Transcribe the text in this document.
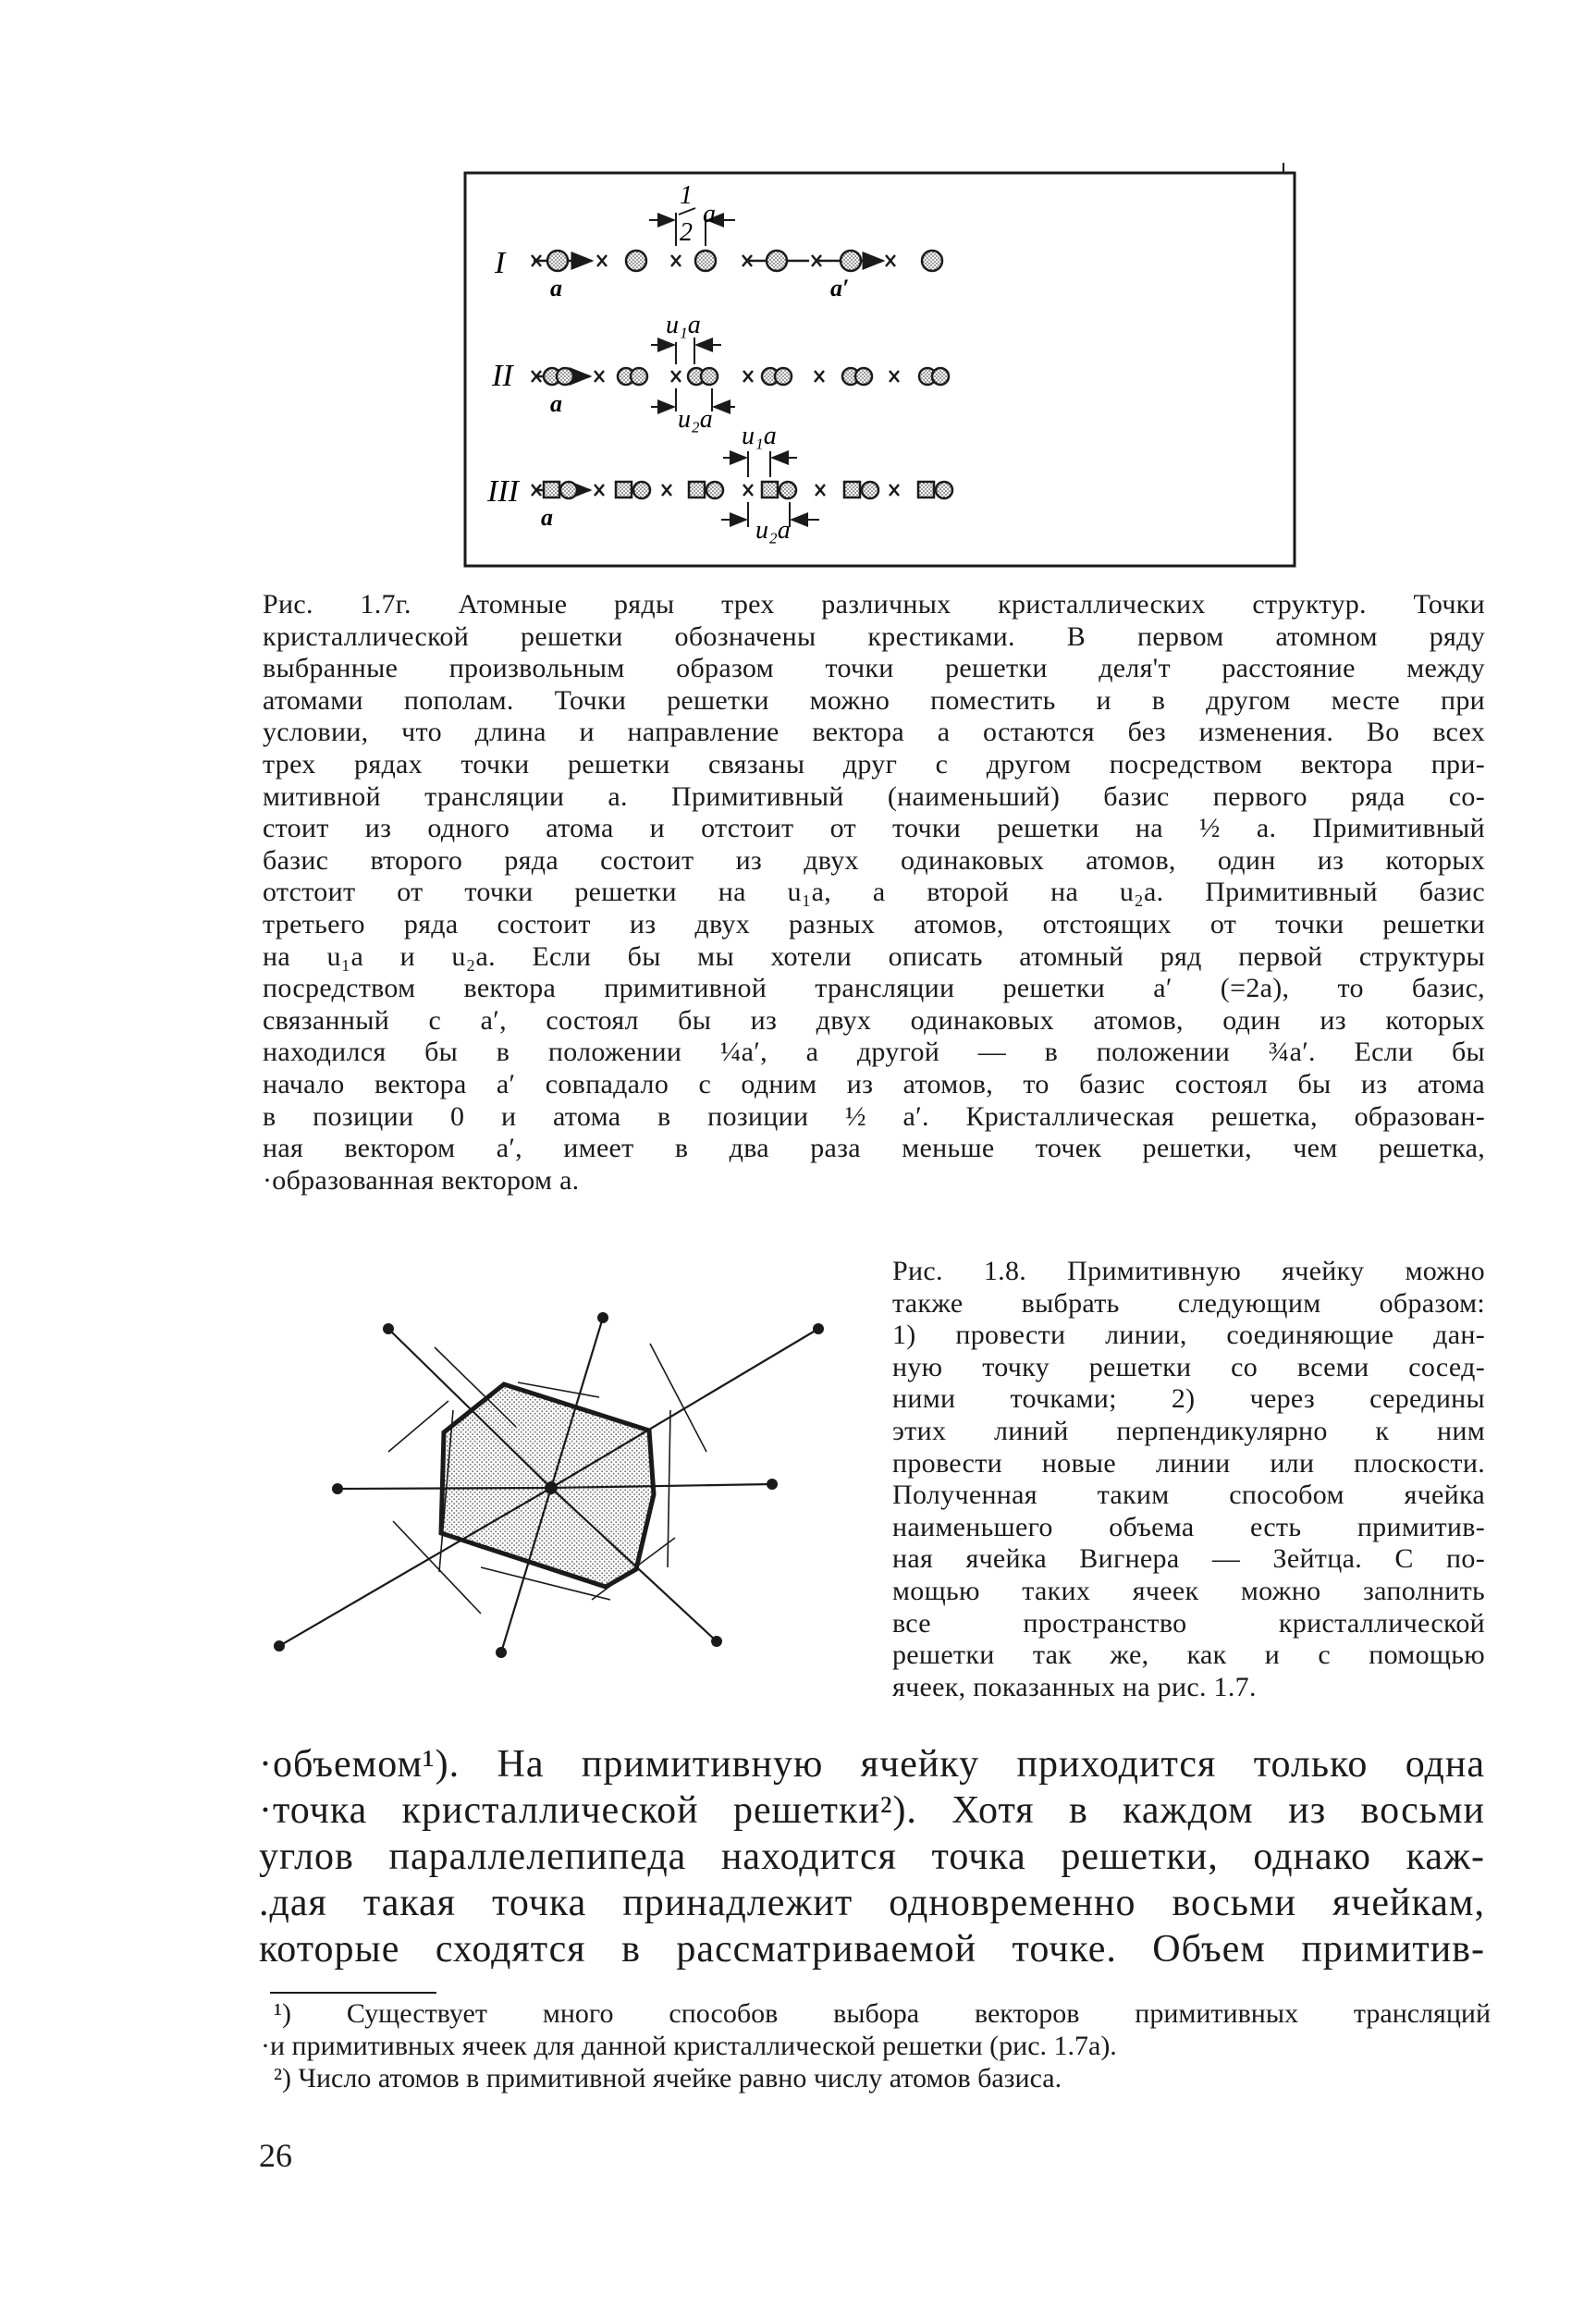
I
II
III
a	a′
1
2
a
a
u₁a
u₂a
a
u₁a
u₂a
Рис. 1.7г. Атомные ряды трех различных кристаллических структур. Точки
кристаллической решетки обозначены крестиками. В первом атомном ряду
выбранные произвольным образом точки решетки деля'т расстояние между
атомами пополам. Точки решетки можно поместить и в другом месте при
условии, что длина и направление вектора a остаются без изменения. Во всех
трех рядах точки решетки связаны друг с другом посредством вектора при-
митивной трансляции a. Примитивный (наименьший) базис первого ряда со-
стоит из одного атома и отстоит от точки решетки на ½ a. Примитивный
базис второго ряда состоит из двух одинаковых атомов, один из которых
отстоит от точки решетки на u₁a, а второй на u₂a. Примитивный базис
третьего ряда состоит из двух разных атомов, отстоящих от точки решетки
на u₁a и u₂a. Если бы мы хотели описать атомный ряд первой структуры
посредством вектора примитивной трансляции решетки a′ (=2a), то базис,
связанный с a′, состоял бы из двух одинаковых атомов, один из которых
находился бы в положении ¼a′, а другой — в положении ¾a′. Если бы
начало вектора a′ совпадало с одним из атомов, то базис состоял бы из атома
в позиции 0 и атома в позиции ½ a′. Кристаллическая решетка, образован-
ная вектором a′, имеет в два раза меньше точек решетки, чем решетка,
·образованная вектором a.
Рис. 1.8. Примитивную ячейку можно
также выбрать следующим образом:
1) провести линии, соединяющие дан-
ную точку решетки со всеми сосед-
ними точками; 2) через середины
этих линий перпендикулярно к ним
провести новые линии или плоскости.
Полученная таким способом ячейка
наименьшего объема есть примитив-
ная ячейка Вигнера — Зейтца. С по-
мощью таких ячеек можно заполнить
все пространство кристаллической
решетки так же, как и с помощью
ячеек, показанных на рис. 1.7.
·объемом¹). На примитивную ячейку приходится только одна
·точка кристаллической решетки²). Хотя в каждом из восьми
углов параллелепипеда находится точка решетки, однако каж-
.дая такая точка принадлежит одновременно восьми ячейкам,
которые сходятся в рассматриваемой точке. Объем примитив-
¹) Существует много способов выбора векторов примитивных трансляций
·и примитивных ячеек для данной кристаллической решетки (рис. 1.7а).
²) Число атомов в примитивной ячейке равно числу атомов базиса.
26
